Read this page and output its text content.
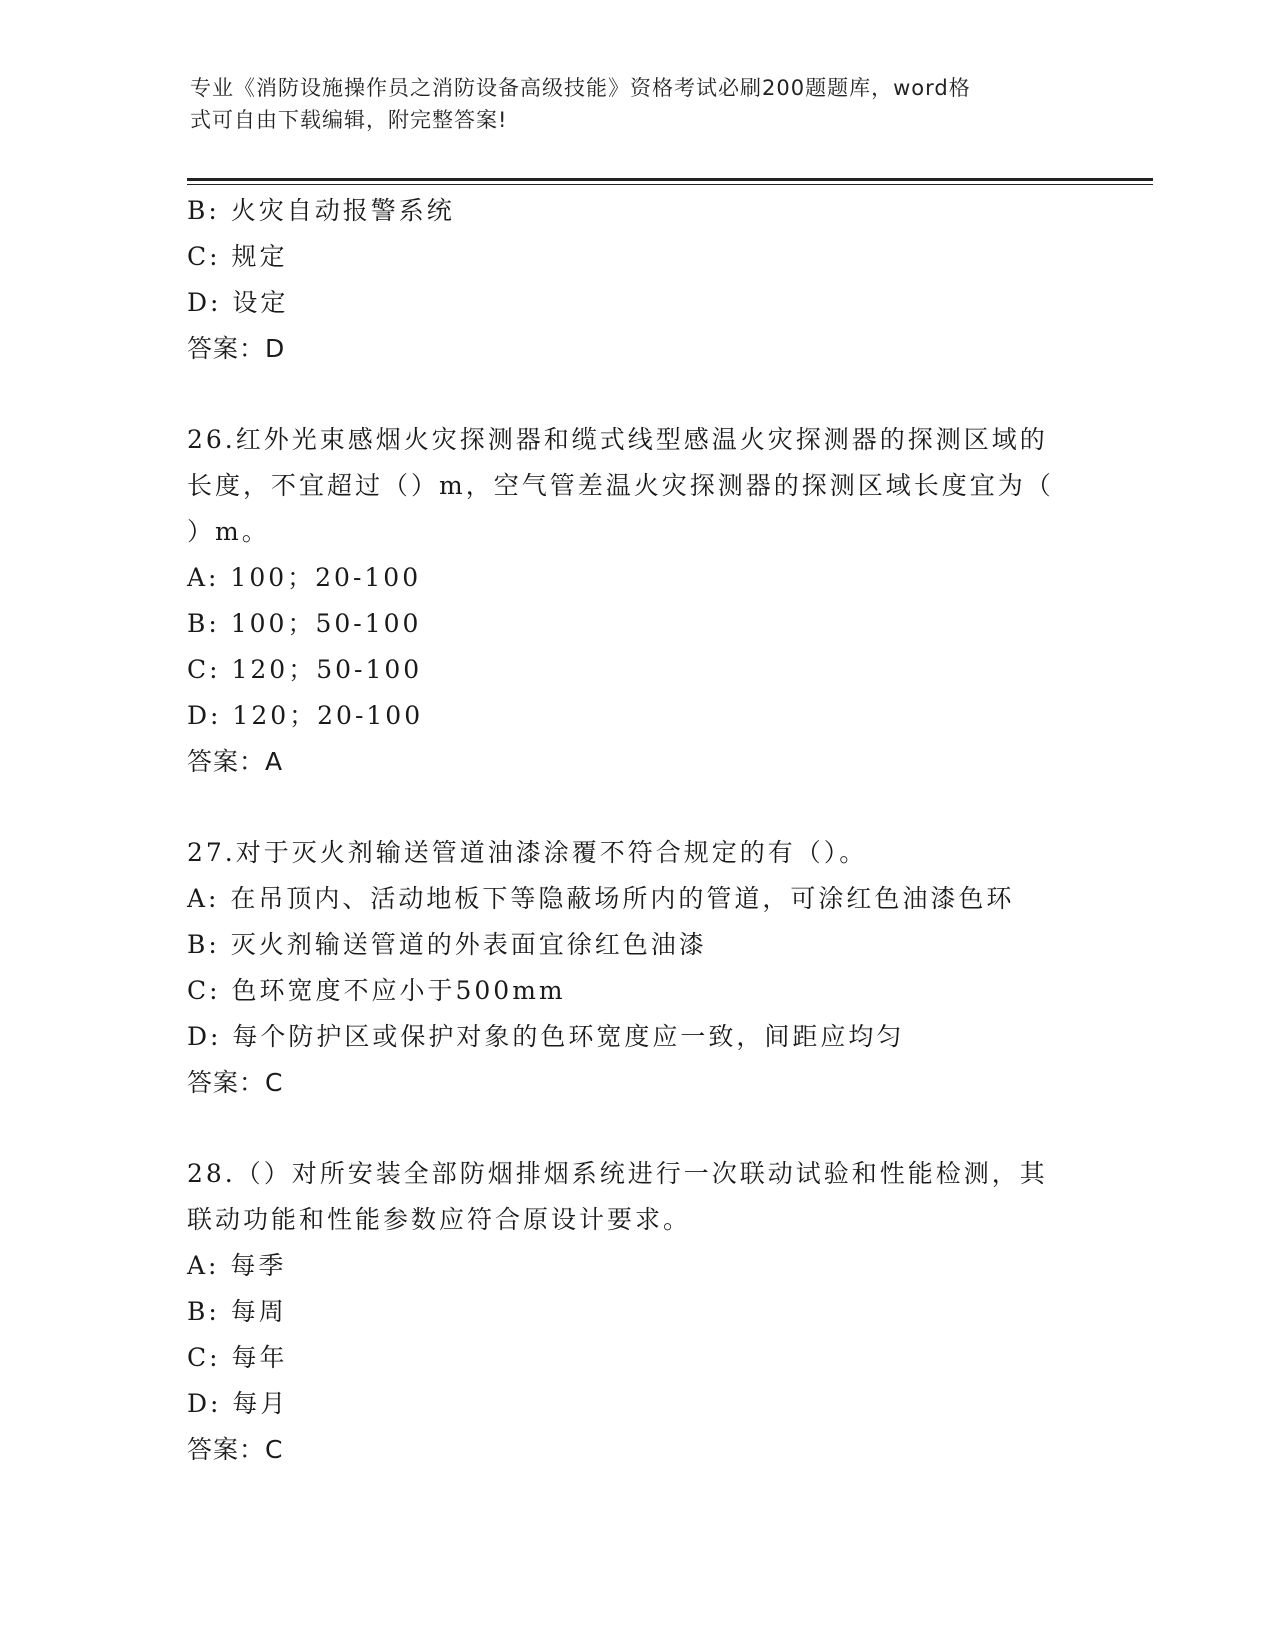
专业《消防设施操作员之消防设备高级技能》资格考试必刷200题题库，word格
式可自由下载编辑，附完整答案!
B: 火灾自动报警系统
C: 规定
D: 设定
答案：D
26.红外光束感烟火灾探测器和缆式线型感温火灾探测器的探测区域的
长度，不宜超过（）m，空气管差温火灾探测器的探测区域长度宜为（
）m。
A: 100；20-100
B: 100；50-100
C: 120；50-100
D: 120；20-100
答案：A
27.对于灭火剂输送管道油漆涂覆不符合规定的有（）。
A: 在吊顶内、活动地板下等隐蔽场所内的管道，可涂红色油漆色环
B: 灭火剂输送管道的外表面宜徐红色油漆
C: 色环宽度不应小于500mm
D: 每个防护区或保护对象的色环宽度应一致，间距应均匀
答案：C
28.（）对所安装全部防烟排烟系统进行一次联动试验和性能检测，其
联动功能和性能参数应符合原设计要求。
A: 每季
B: 每周
C: 每年
D: 每月
答案：C
